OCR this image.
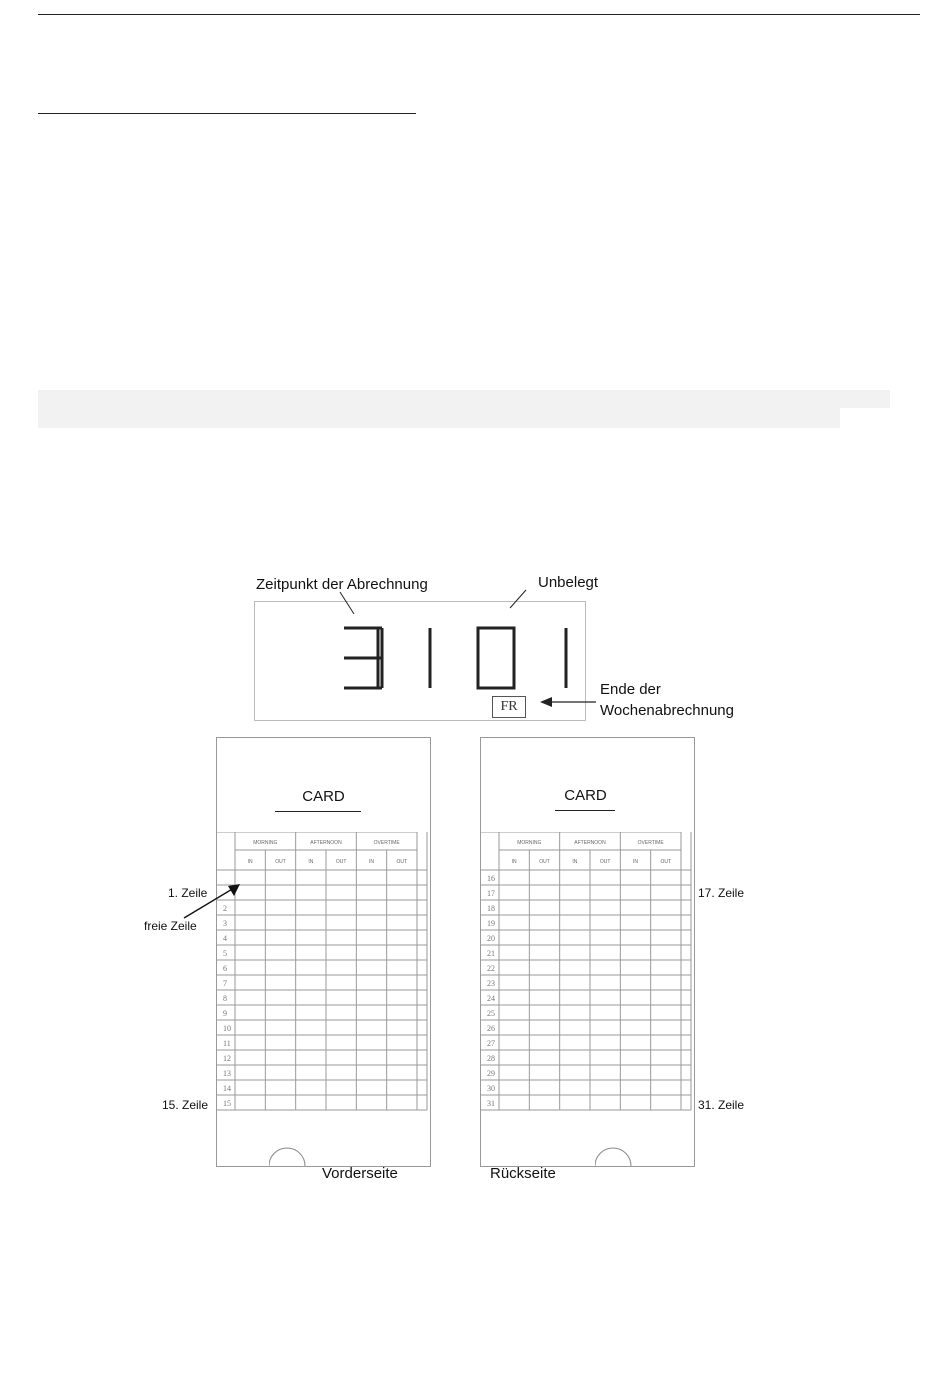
Zeitpunkt der Abrechnung	Unbelegt
Ende der
Wochenabrechnung
FR
CARD
MORNING	AFTERNOON	OVERTIME
IN	OUT	IN	OUT	IN	OUT
2
3
4
5
6
7
8
9
10
11
12
13
14
15
CARD
MORNING	AFTERNOON	OVERTIME
IN	OUT	IN	OUT	IN	OUT
16
17
18
19
20
21
22
23
24
25
26
27
28
29
30
31
Vorderseite	Rückseite
1. Zeile
freie Zeile
15. Zeile
17. Zeile
31. Zeile
